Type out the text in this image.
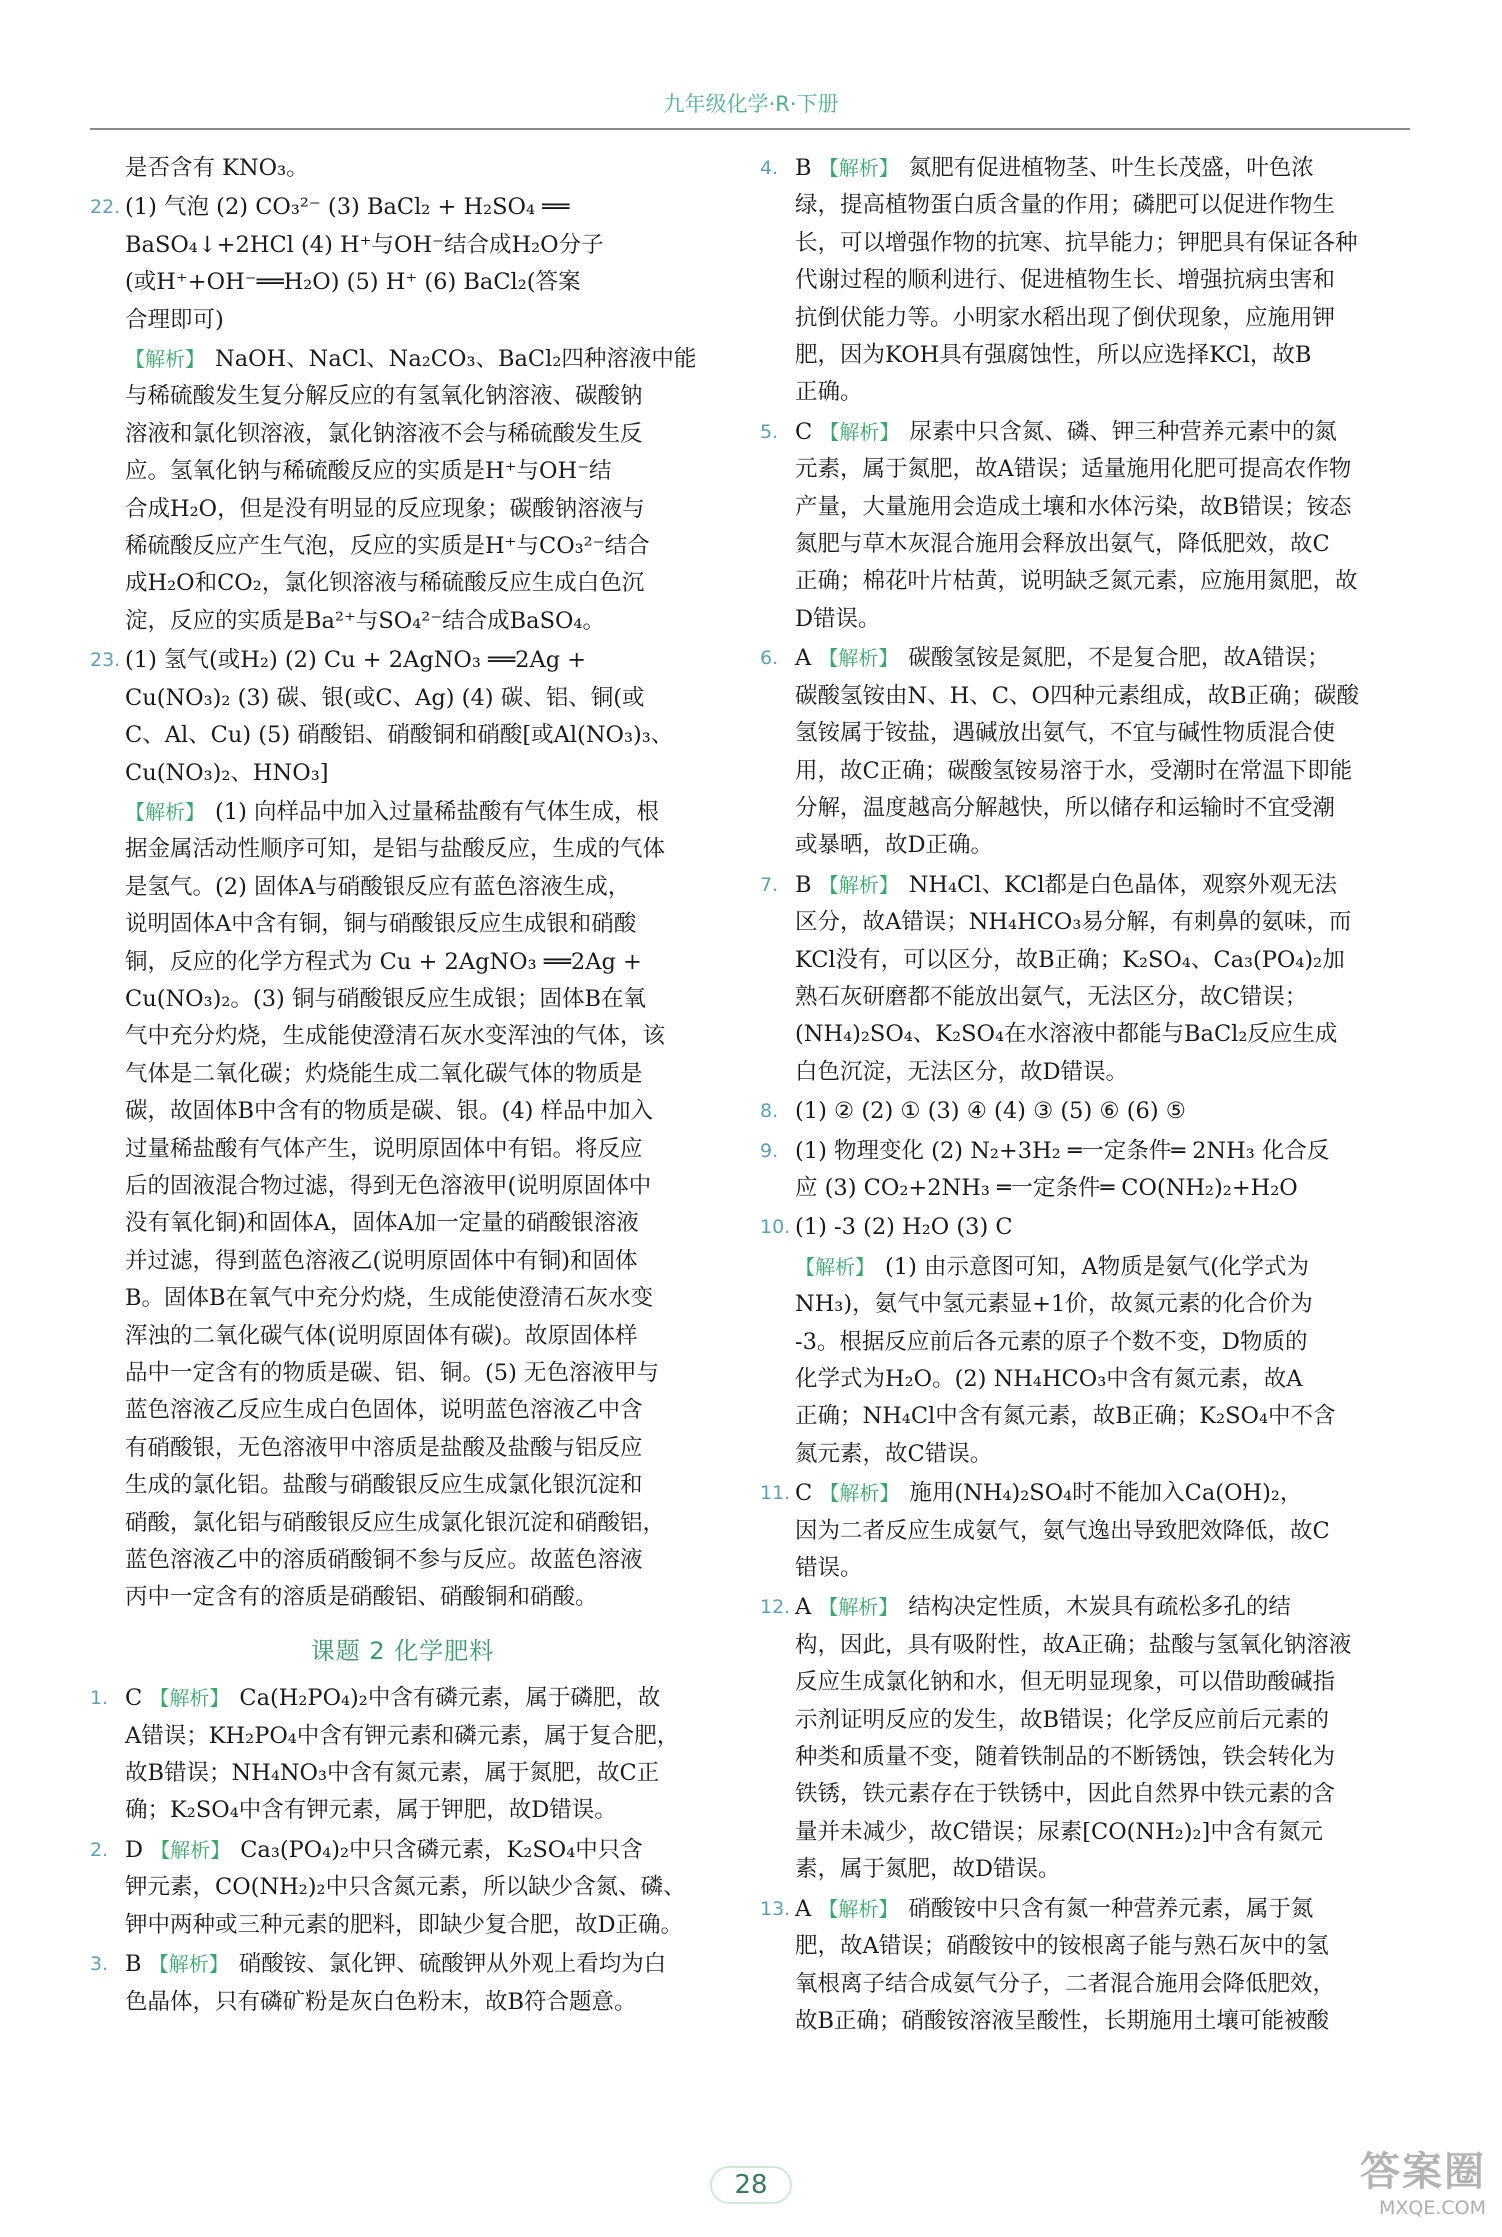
九年级化学·R·下册
是否含有 KNO₃。
22. (1) 气泡 (2) CO₃²⁻ (3) BaCl₂ + H₂SO₄ ══
BaSO₄↓+2HCl (4) H⁺与OH⁻结合成H₂O分子
(或H⁺+OH⁻══H₂O) (5) H⁺ (6) BaCl₂(答案
合理即可)
【解析】 NaOH、NaCl、Na₂CO₃、BaCl₂四种溶液中能
与稀硫酸发生复分解反应的有氢氧化钠溶液、碳酸钠
溶液和氯化钡溶液，氯化钠溶液不会与稀硫酸发生反
应。氢氧化钠与稀硫酸反应的实质是H⁺与OH⁻结
合成H₂O，但是没有明显的反应现象；碳酸钠溶液与
稀硫酸反应产生气泡，反应的实质是H⁺与CO₃²⁻结合
成H₂O和CO₂，氯化钡溶液与稀硫酸反应生成白色沉
淀，反应的实质是Ba²⁺与SO₄²⁻结合成BaSO₄。
23. (1) 氢气(或H₂) (2) Cu + 2AgNO₃ ══2Ag +
Cu(NO₃)₂ (3) 碳、银(或C、Ag) (4) 碳、铝、铜(或
C、Al、Cu) (5) 硝酸铝、硝酸铜和硝酸[或Al(NO₃)₃、
Cu(NO₃)₂、HNO₃]
【解析】 (1) 向样品中加入过量稀盐酸有气体生成，根
据金属活动性顺序可知，是铝与盐酸反应，生成的气体
是氢气。(2) 固体A与硝酸银反应有蓝色溶液生成，
说明固体A中含有铜，铜与硝酸银反应生成银和硝酸
铜，反应的化学方程式为 Cu + 2AgNO₃ ══2Ag +
Cu(NO₃)₂。(3) 铜与硝酸银反应生成银；固体B在氧
气中充分灼烧，生成能使澄清石灰水变浑浊的气体，该
气体是二氧化碳；灼烧能生成二氧化碳气体的物质是
碳，故固体B中含有的物质是碳、银。(4) 样品中加入
过量稀盐酸有气体产生，说明原固体中有铝。将反应
后的固液混合物过滤，得到无色溶液甲(说明原固体中
没有氧化铜)和固体A，固体A加一定量的硝酸银溶液
并过滤，得到蓝色溶液乙(说明原固体中有铜)和固体
B。固体B在氧气中充分灼烧，生成能使澄清石灰水变
浑浊的二氧化碳气体(说明原固体有碳)。故原固体样
品中一定含有的物质是碳、铝、铜。(5) 无色溶液甲与
蓝色溶液乙反应生成白色固体，说明蓝色溶液乙中含
有硝酸银，无色溶液甲中溶质是盐酸及盐酸与铝反应
生成的氯化铝。盐酸与硝酸银反应生成氯化银沉淀和
硝酸，氯化铝与硝酸银反应生成氯化银沉淀和硝酸铝，
蓝色溶液乙中的溶质硝酸铜不参与反应。故蓝色溶液
丙中一定含有的溶质是硝酸铝、硝酸铜和硝酸。
课题 2 化学肥料
1. C 【解析】 Ca(H₂PO₄)₂中含有磷元素，属于磷肥，故
A错误；KH₂PO₄中含有钾元素和磷元素，属于复合肥，
故B错误；NH₄NO₃中含有氮元素，属于氮肥，故C正
确；K₂SO₄中含有钾元素，属于钾肥，故D错误。
2. D 【解析】 Ca₃(PO₄)₂中只含磷元素，K₂SO₄中只含
钾元素，CO(NH₂)₂中只含氮元素，所以缺少含氮、磷、
钾中两种或三种元素的肥料，即缺少复合肥，故D正确。
3. B 【解析】 硝酸铵、氯化钾、硫酸钾从外观上看均为白
色晶体，只有磷矿粉是灰白色粉末，故B符合题意。
4. B 【解析】 氮肥有促进植物茎、叶生长茂盛，叶色浓
绿，提高植物蛋白质含量的作用；磷肥可以促进作物生
长，可以增强作物的抗寒、抗旱能力；钾肥具有保证各种
代谢过程的顺利进行、促进植物生长、增强抗病虫害和
抗倒伏能力等。小明家水稻出现了倒伏现象，应施用钾
肥，因为KOH具有强腐蚀性，所以应选择KCl，故B
正确。
5. C 【解析】 尿素中只含氮、磷、钾三种营养元素中的氮
元素，属于氮肥，故A错误；适量施用化肥可提高农作物
产量，大量施用会造成土壤和水体污染，故B错误；铵态
氮肥与草木灰混合施用会释放出氨气，降低肥效，故C
正确；棉花叶片枯黄，说明缺乏氮元素，应施用氮肥，故
D错误。
6. A 【解析】 碳酸氢铵是氮肥，不是复合肥，故A错误；
碳酸氢铵由N、H、C、O四种元素组成，故B正确；碳酸
氢铵属于铵盐，遇碱放出氨气，不宜与碱性物质混合使
用，故C正确；碳酸氢铵易溶于水，受潮时在常温下即能
分解，温度越高分解越快，所以储存和运输时不宜受潮
或暴晒，故D正确。
7. B 【解析】 NH₄Cl、KCl都是白色晶体，观察外观无法
区分，故A错误；NH₄HCO₃易分解，有刺鼻的氨味，而
KCl没有，可以区分，故B正确；K₂SO₄、Ca₃(PO₄)₂加
熟石灰研磨都不能放出氨气，无法区分，故C错误；
(NH₄)₂SO₄、K₂SO₄在水溶液中都能与BaCl₂反应生成
白色沉淀，无法区分，故D错误。
8. (1) ② (2) ① (3) ④ (4) ③ (5) ⑥ (6) ⑤
9. (1) 物理变化 (2) N₂+3H₂ ═一定条件═ 2NH₃ 化合反
应 (3) CO₂+2NH₃ ═一定条件═ CO(NH₂)₂+H₂O
10. (1) -3 (2) H₂O (3) C
【解析】 (1) 由示意图可知，A物质是氨气(化学式为
NH₃)，氨气中氢元素显+1价，故氮元素的化合价为
-3。根据反应前后各元素的原子个数不变，D物质的
化学式为H₂O。(2) NH₄HCO₃中含有氮元素，故A
正确；NH₄Cl中含有氮元素，故B正确；K₂SO₄中不含
氮元素，故C错误。
11. C 【解析】 施用(NH₄)₂SO₄时不能加入Ca(OH)₂，
因为二者反应生成氨气，氨气逸出导致肥效降低，故C
错误。
12. A 【解析】 结构决定性质，木炭具有疏松多孔的结
构，因此，具有吸附性，故A正确；盐酸与氢氧化钠溶液
反应生成氯化钠和水，但无明显现象，可以借助酸碱指
示剂证明反应的发生，故B错误；化学反应前后元素的
种类和质量不变，随着铁制品的不断锈蚀，铁会转化为
铁锈，铁元素存在于铁锈中，因此自然界中铁元素的含
量并未减少，故C错误；尿素[CO(NH₂)₂]中含有氮元
素，属于氮肥，故D错误。
13. A 【解析】 硝酸铵中只含有氮一种营养元素，属于氮
肥，故A错误；硝酸铵中的铵根离子能与熟石灰中的氢
氧根离子结合成氨气分子，二者混合施用会降低肥效，
故B正确；硝酸铵溶液呈酸性，长期施用土壤可能被酸
28	答案圈
MXQE.COM
